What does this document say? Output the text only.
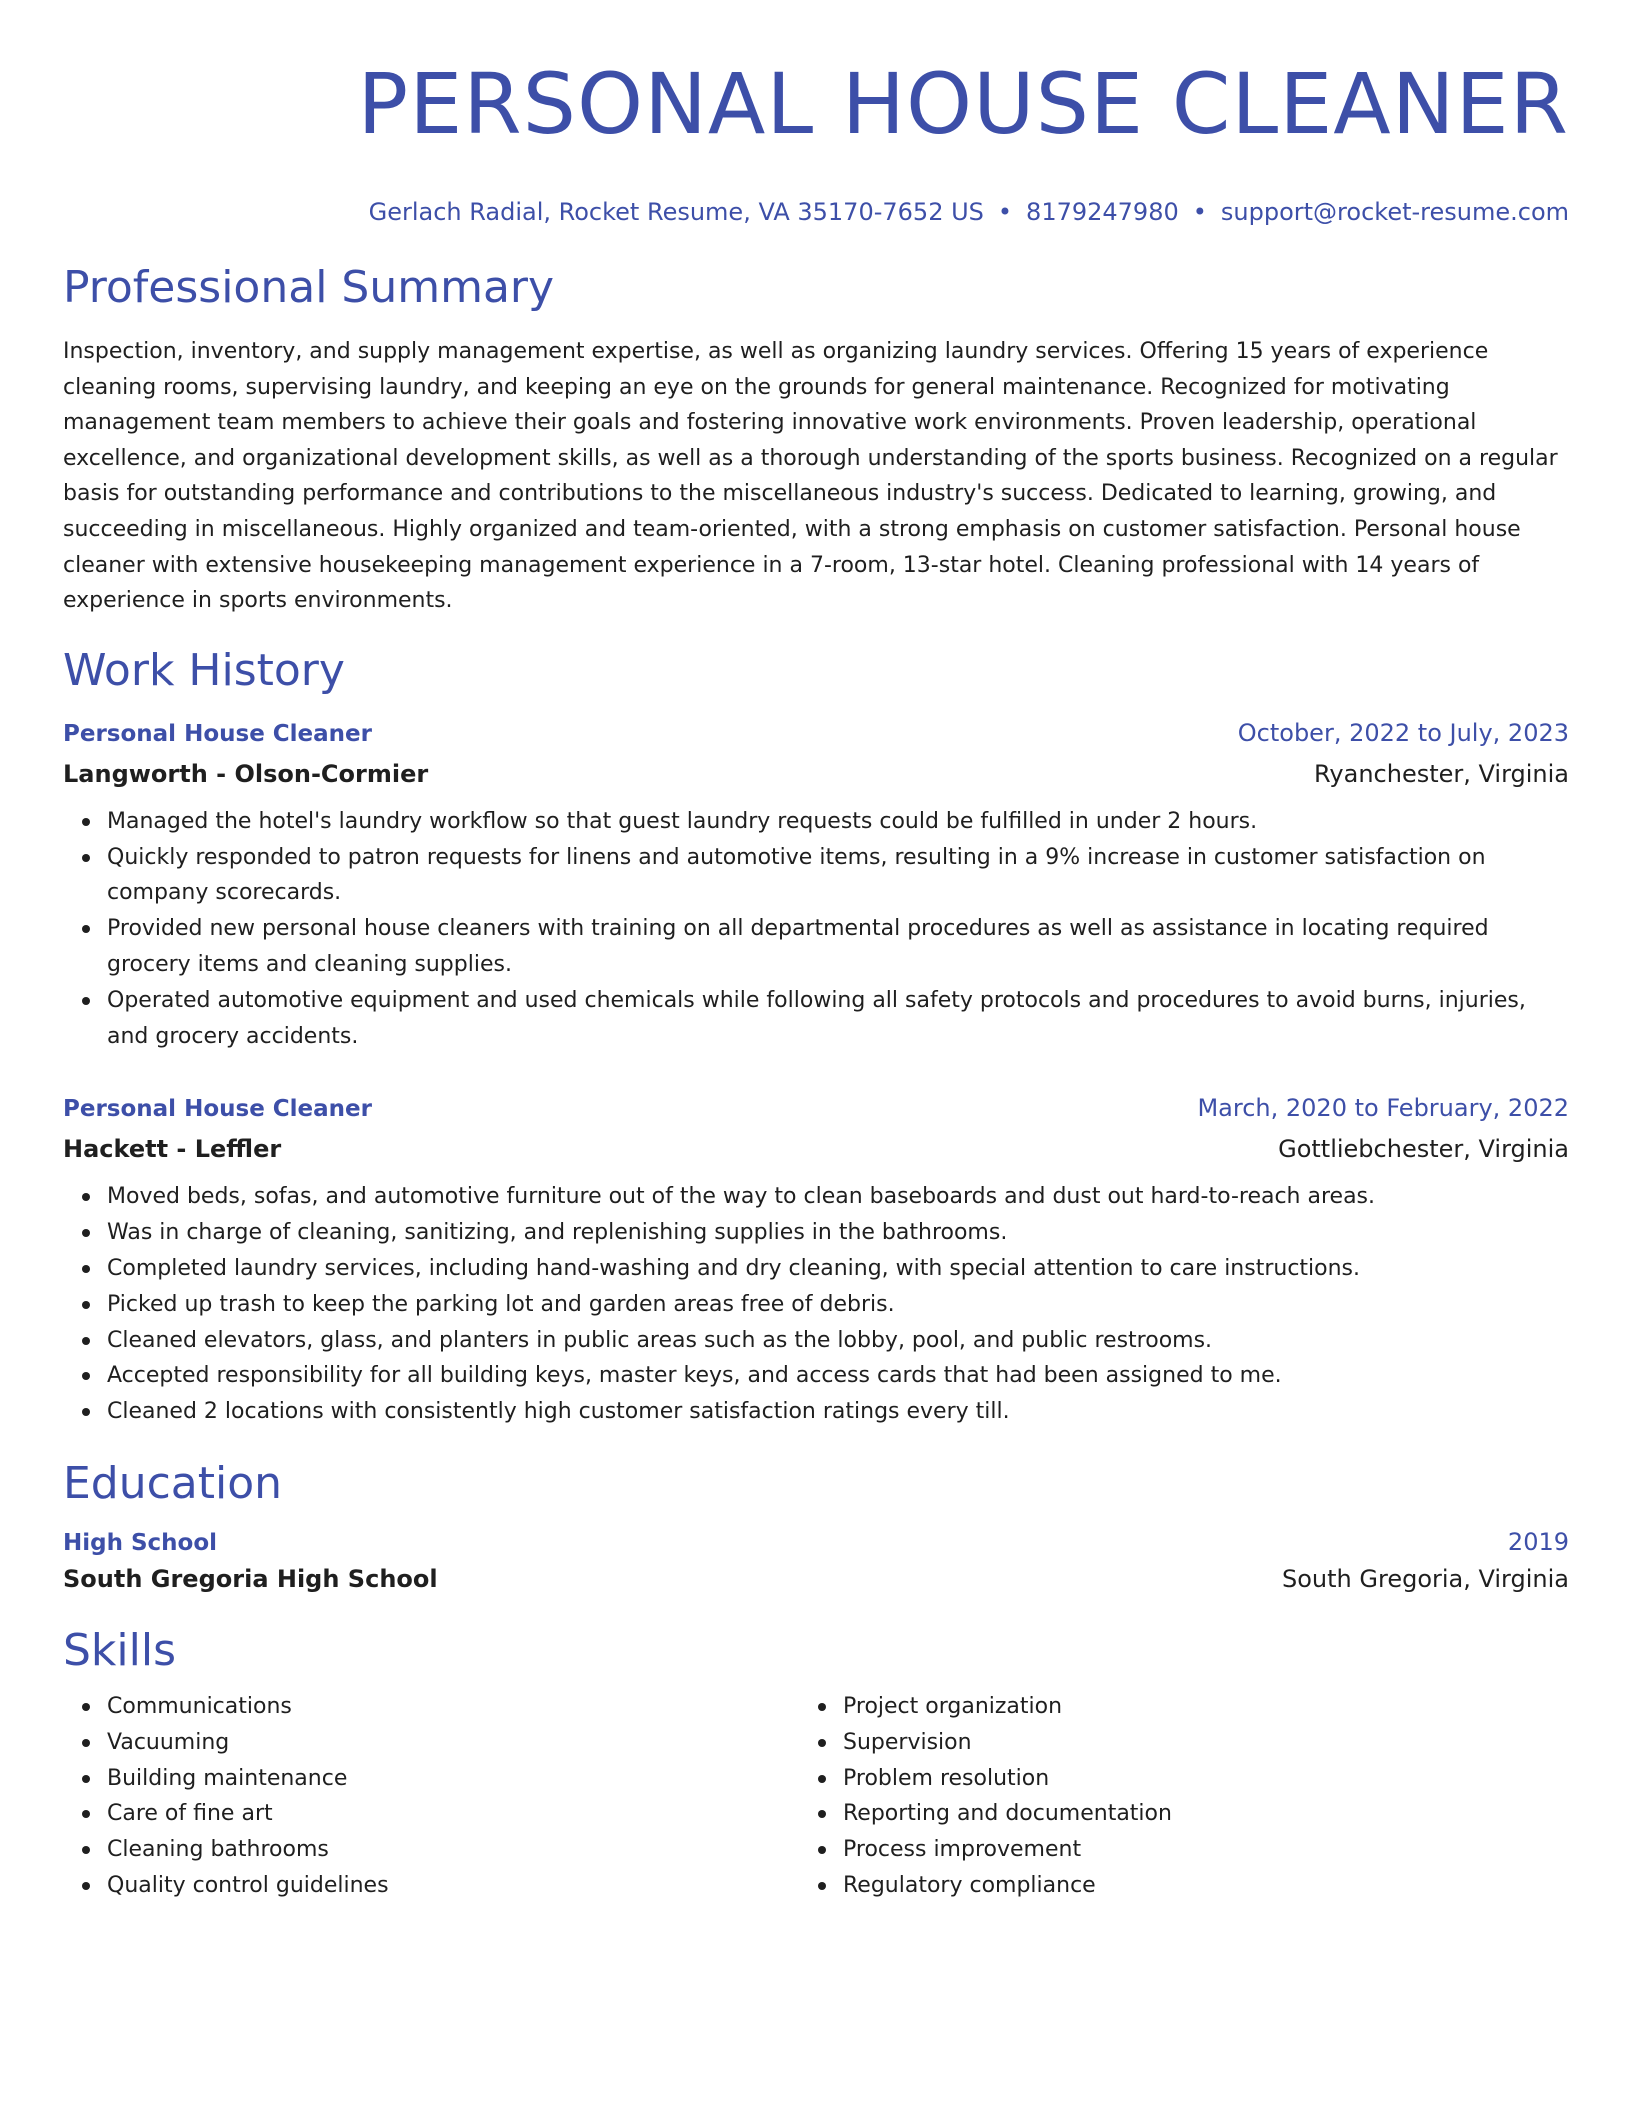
PERSONAL HOUSE CLEANER
Gerlach Radial, Rocket Resume, VA 35170-7652 US • 8179247980 • support@rocket-resume.com
Professional Summary
Inspection, inventory, and supply management expertise, as well as organizing laundry services. Offering 15 years of experience cleaning rooms, supervising laundry, and keeping an eye on the grounds for general maintenance. Recognized for motivating management team members to achieve their goals and fostering innovative work environments. Proven leadership, operational excellence, and organizational development skills, as well as a thorough understanding of the sports business. Recognized on a regular basis for outstanding performance and contributions to the miscellaneous industry's success. Dedicated to learning, growing, and succeeding in miscellaneous. Highly organized and team-oriented, with a strong emphasis on customer satisfaction. Personal house cleaner with extensive housekeeping management experience in a 7-room, 13-star hotel. Cleaning professional with 14 years of experience in sports environments.
Work History
Personal House Cleaner	October, 2022 to July, 2023
Langworth - Olson-Cormier	Ryanchester, Virginia
Managed the hotel's laundry workflow so that guest laundry requests could be fulfilled in under 2 hours.
Quickly responded to patron requests for linens and automotive items, resulting in a 9% increase in customer satisfaction on company scorecards.
Provided new personal house cleaners with training on all departmental procedures as well as assistance in locating required grocery items and cleaning supplies.
Operated automotive equipment and used chemicals while following all safety protocols and procedures to avoid burns, injuries, and grocery accidents.
Personal House Cleaner	March, 2020 to February, 2022
Hackett - Leffler	Gottliebchester, Virginia
Moved beds, sofas, and automotive furniture out of the way to clean baseboards and dust out hard-to-reach areas.
Was in charge of cleaning, sanitizing, and replenishing supplies in the bathrooms.
Completed laundry services, including hand-washing and dry cleaning, with special attention to care instructions.
Picked up trash to keep the parking lot and garden areas free of debris.
Cleaned elevators, glass, and planters in public areas such as the lobby, pool, and public restrooms.
Accepted responsibility for all building keys, master keys, and access cards that had been assigned to me.
Cleaned 2 locations with consistently high customer satisfaction ratings every till.
Education
High School	2019
South Gregoria High School	South Gregoria, Virginia
Skills
Communications
Vacuuming
Building maintenance
Care of fine art
Cleaning bathrooms
Quality control guidelines
Project organization
Supervision
Problem resolution
Reporting and documentation
Process improvement
Regulatory compliance
